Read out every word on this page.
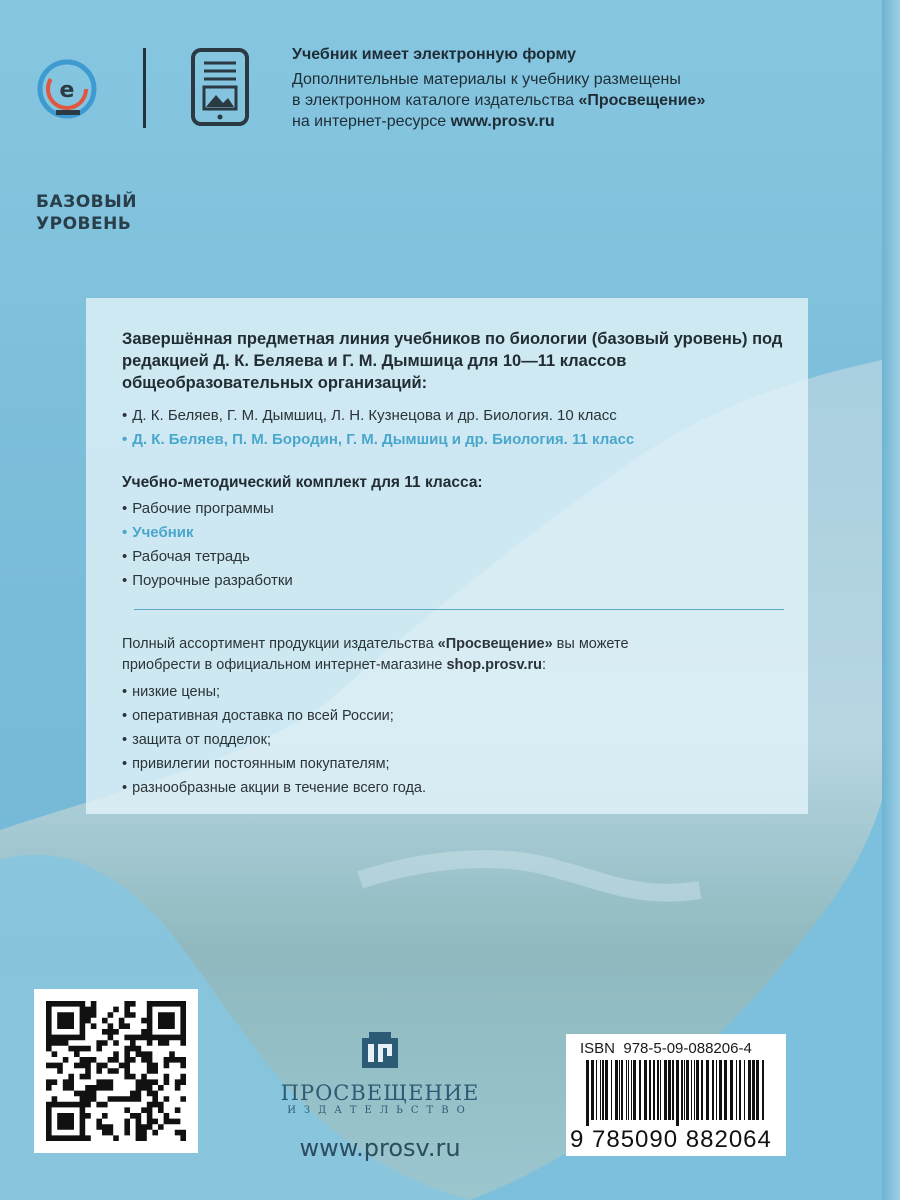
e
Учебник имеет электронную форму
Дополнительные материалы к учебнику размещены
в электронном каталоге издательства «Просвещение»
на интернет-ресурсе www.prosv.ru
БАЗОВЫЙ
УРОВЕНЬ
Завершённая предметная линия учебников по биологии (базовый уровень) под редакцией Д. К. Беляева и Г. М. Дымшица для 10—11 классов общеобразовательных организаций:
• Д. К. Беляев, Г. М. Дымшиц, Л. Н. Кузнецова и др. Биология. 10 класс
• Д. К. Беляев, П. М. Бородин, Г. М. Дымшиц и др. Биология. 11 класс
Учебно-методический комплект для 11 класса:
• Рабочие программы
• Учебник
• Рабочая тетрадь
• Поурочные разработки
Полный ассортимент продукции издательства «Просвещение» вы можете
приобрести в официальном интернет-магазине shop.prosv.ru:
• низкие цены;
• оперативная доставка по всей России;
• защита от подделок;
• привилегии постоянным покупателям;
• разнообразные акции в течение всего года.
ПРОСВЕЩЕНИЕ
ИЗДАТЕЛЬСТВО
www.prosv.ru
ISBN 978-5-09-088206-4
9 785090 882064
